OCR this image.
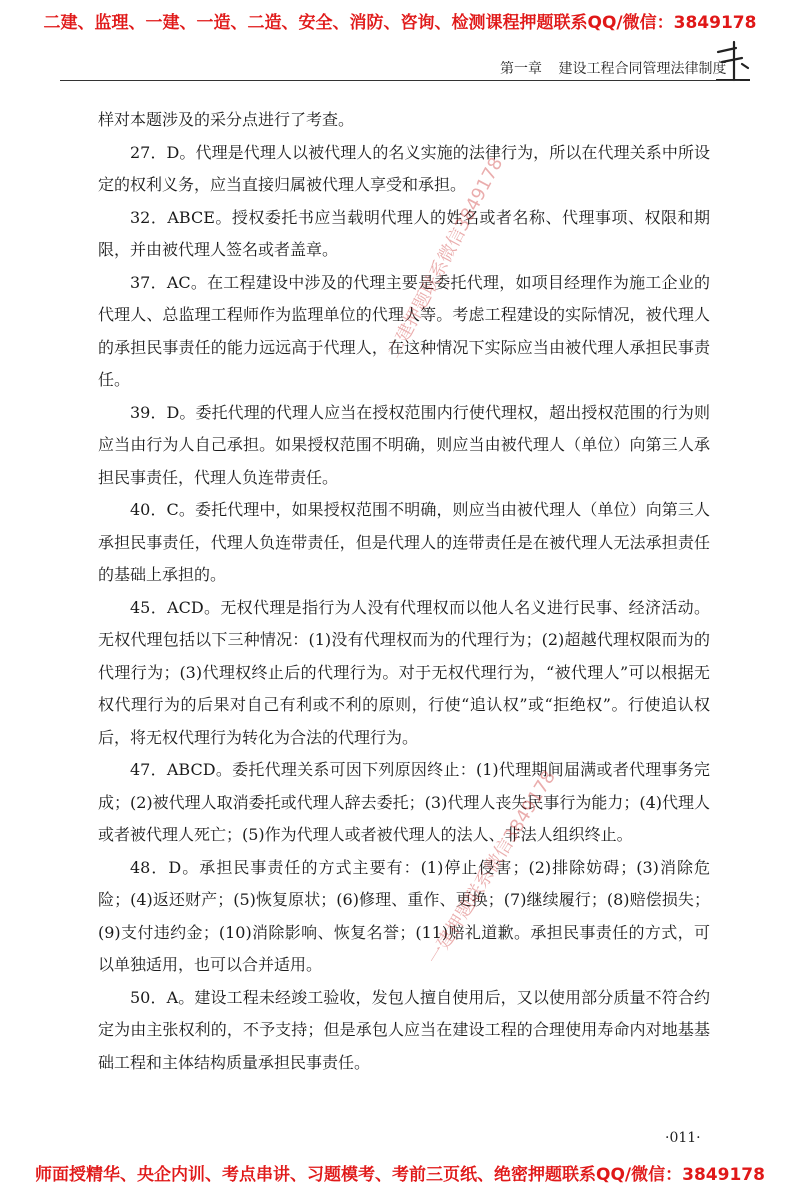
二建、监理、一建、一造、二造、安全、消防、咨询、检测课程押题联系QQ/微信：3849178
第一章 建设工程合同管理法律制度

样对本题涉及的采分点进行了考查。

27．D。代理是代理人以被代理人的名义实施的法律行为，所以在代理关系中所设定的权利义务，应当直接归属被代理人享受和承担。

32．ABCE。授权委托书应当载明代理人的姓名或者名称、代理事项、权限和期限，并由被代理人签名或者盖章。

37．AC。在工程建设中涉及的代理主要是委托代理，如项目经理作为施工企业的代理人、总监理工程师作为监理单位的代理人等。考虑工程建设的实际情况，被代理人的承担民事责任的能力远远高于代理人，在这种情况下实际应当由被代理人承担民事责任。

39．D。委托代理的代理人应当在授权范围内行使代理权，超出授权范围的行为则应当由行为人自己承担。如果授权范围不明确，则应当由被代理人（单位）向第三人承担民事责任，代理人负连带责任。

40．C。委托代理中，如果授权范围不明确，则应当由被代理人（单位）向第三人承担民事责任，代理人负连带责任，但是代理人的连带责任是在被代理人无法承担责任的基础上承担的。

45．ACD。无权代理是指行为人没有代理权而以他人名义进行民事、经济活动。无权代理包括以下三种情况：(1)没有代理权而为的代理行为；(2)超越代理权限而为的代理行为；(3)代理权终止后的代理行为。对于无权代理行为，“被代理人”可以根据无权代理行为的后果对自己有利或不利的原则，行使“追认权”或“拒绝权”。行使追认权后，将无权代理行为转化为合法的代理行为。

47．ABCD。委托代理关系可因下列原因终止：(1)代理期间届满或者代理事务完成；(2)被代理人取消委托或代理人辞去委托；(3)代理人丧失民事行为能力；(4)代理人或者被代理人死亡；(5)作为代理人或者被代理人的法人、非法人组织终止。

48．D。承担民事责任的方式主要有：(1)停止侵害；(2)排除妨碍；(3)消除危险；(4)返还财产；(5)恢复原状；(6)修理、重作、更换；(7)继续履行；(8)赔偿损失；(9)支付违约金；(10)消除影响、恢复名誉；(11)赔礼道歉。承担民事责任的方式，可以单独适用，也可以合并适用。

50．A。建设工程未经竣工验收，发包人擅自使用后，又以使用部分质量不符合约定为由主张权利的，不予支持；但是承包人应当在建设工程的合理使用寿命内对地基基础工程和主体结构质量承担民事责任。

二建押题联系微信3849178
一建押题联系微信3849178
·011·
师面授精华、央企内训、考点串讲、习题模考、考前三页纸、绝密押题联系QQ/微信：3849178
